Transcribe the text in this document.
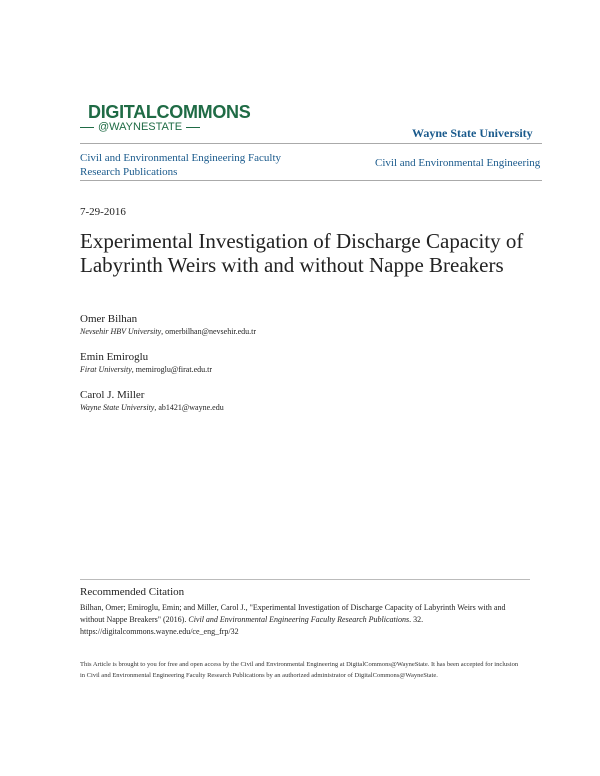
DIGITALCOMMONS
@WAYNESTATE	Wayne State University
Civil and Environmental Engineering Faculty Research Publications
Civil and Environmental Engineering
7-29-2016
Experimental Investigation of Discharge Capacity of Labyrinth Weirs with and without Nappe Breakers
Omer Bilhan
Nevsehir HBV University, omerbilhan@nevsehir.edu.tr
Emin Emiroglu
Firat University, memiroglu@firat.edu.tr
Carol J. Miller
Wayne State University, ab1421@wayne.edu
Recommended Citation
Bilhan, Omer; Emiroglu, Emin; and Miller, Carol J., "Experimental Investigation of Discharge Capacity of Labyrinth Weirs with and without Nappe Breakers" (2016). Civil and Environmental Engineering Faculty Research Publications. 32.
https://digitalcommons.wayne.edu/ce_eng_frp/32
This Article is brought to you for free and open access by the Civil and Environmental Engineering at DigitalCommons@WayneState. It has been accepted for inclusion in Civil and Environmental Engineering Faculty Research Publications by an authorized administrator of DigitalCommons@WayneState.
